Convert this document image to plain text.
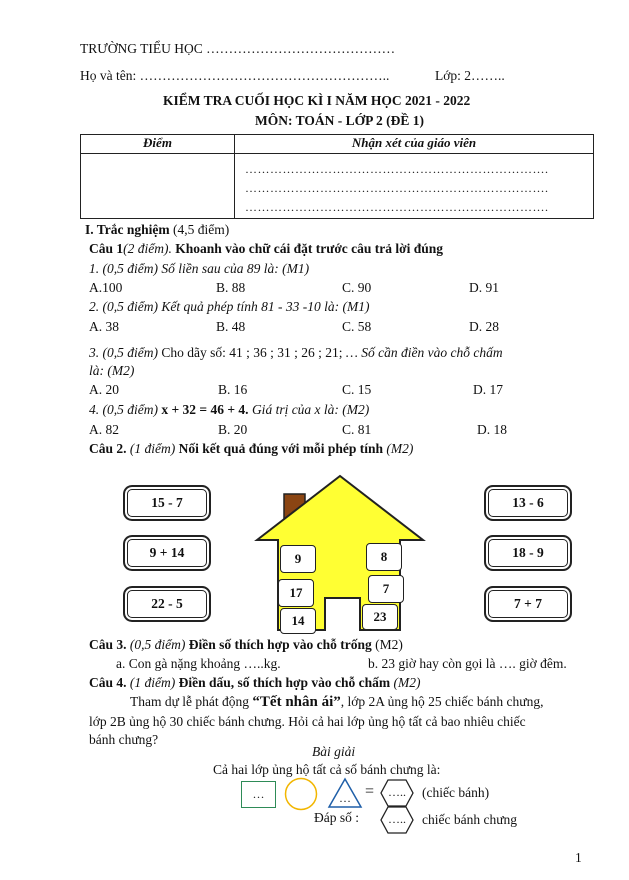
TRƯỜNG TIỂU HỌC ……………………………………
Họ và tên: ………………………………………………..	Lớp: 2……..
KIỂM TRA CUỐI HỌC KÌ I NĂM HỌC 2021 - 2022
MÔN: TOÁN - LỚP 2 (ĐỀ 1)
Điểm	Nhận xét của giáo viên

	……………………………………………………………….
……………………………………………………………….
……………………………………………………………….
I. Trắc nghiệm (4,5 điểm)
Câu 1(2 điểm). Khoanh vào chữ cái đặt trước câu trả lời đúng
1. (0,5 điểm) Số liền sau của 89 là: (M1)
A.100	B. 88	C. 90	D. 91
2. (0,5 điểm) Kết quả phép tính 81 - 33 -10 là: (M1)
A. 38	B. 48	C. 58	D. 28
3. (0,5 điểm) Cho dãy số: 41 ; 36 ; 31 ; 26 ; 21; … Số cần điền vào chỗ chấm
là: (M2)
A. 20	B. 16	C. 15	D. 17
4. (0,5 điểm) x + 32 = 46 + 4. Giá trị của x là: (M2)
A. 82	B. 20	C. 81	D. 18
Câu 2. (1 điểm) Nối kết quả đúng với mỗi phép tính (M2)
15 - 7
9 + 14
22 - 5
13 - 6
18 - 9
7 + 7
9	8
17	7
14	23
Câu 3. (0,5 điểm) Điền số thích hợp vào chỗ trống (M2)
a. Con gà nặng khoảng …..kg.	b. 23 giờ hay còn gọi là …. giờ đêm.
Câu 4. (1 điểm) Điền dấu, số thích hợp vào chỗ chấm (M2)
Tham dự lễ phát động “Tết nhân ái”, lớp 2A ủng hộ 25 chiếc bánh chưng,
lớp 2B ủng hộ 30 chiếc bánh chưng. Hỏi cả hai lớp ủng hộ tất cả bao nhiêu chiếc
bánh chưng?
Bài giải
Cả hai lớp ủng hộ tất cả số bánh chưng là:
…	… =	…..	(chiếc bánh)
Đáp số :	…..	chiếc bánh chưng
1
